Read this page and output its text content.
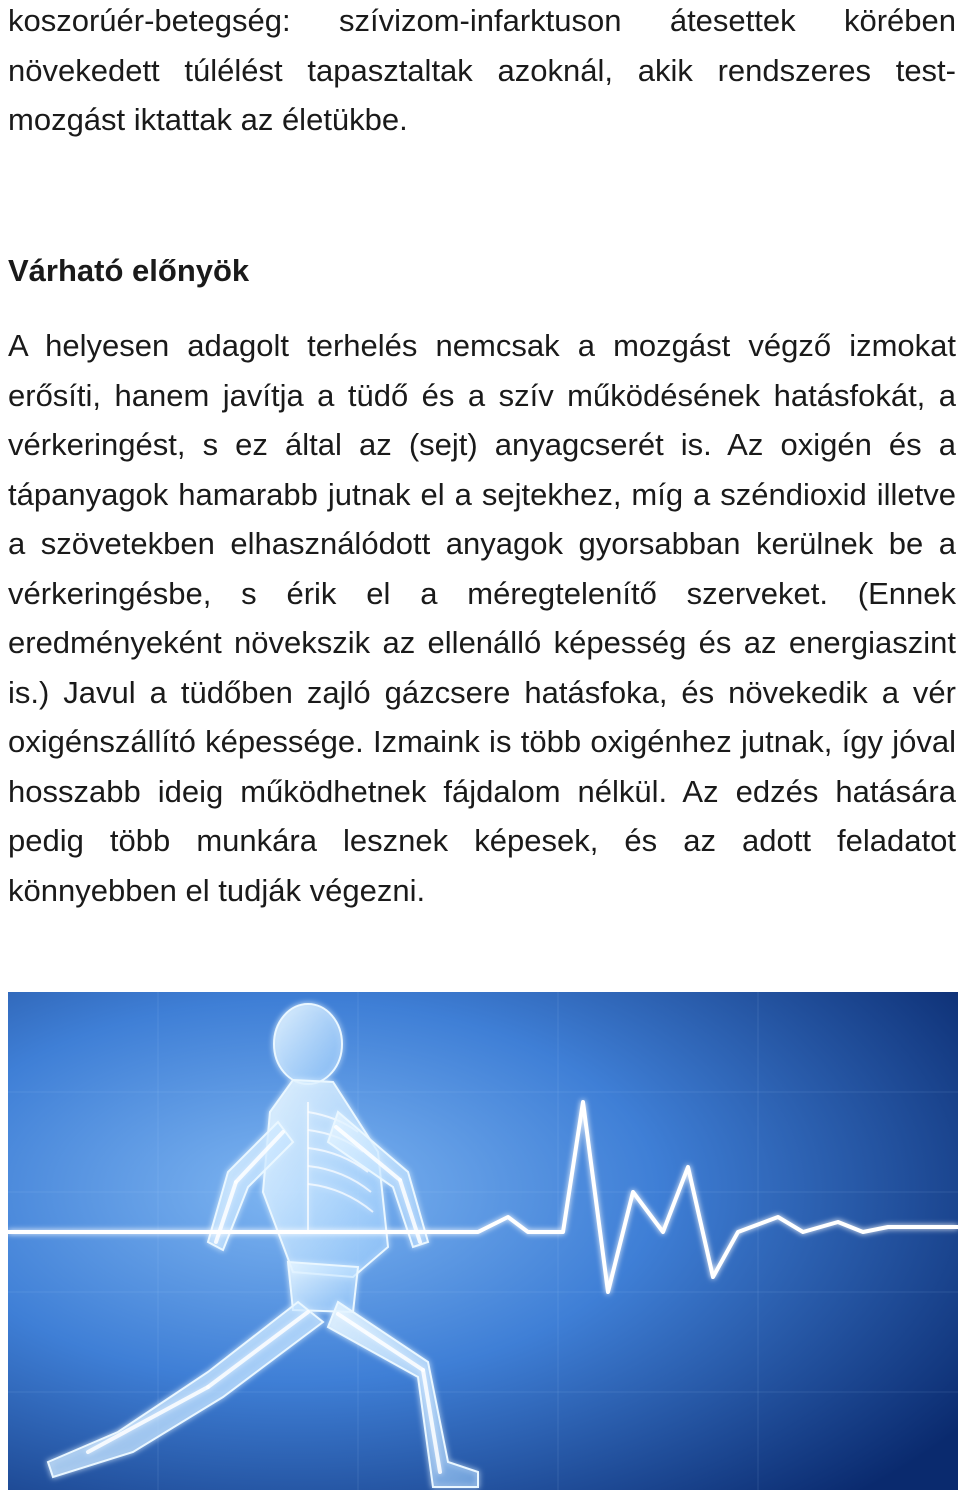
koszorúér-betegség: szívizom-infarktuson átesettek körében növekedett túlélést tapasztaltak azoknál, akik rendszeres test-mozgást iktattak az életükbe.

Várható előnyök

A helyesen adagolt terhelés nemcsak a mozgást végző izmokat erősíti, hanem javítja a tüdő és a szív működésének hatásfokát, a vérkeringést, s ez által az (sejt) anyagcserét is. Az oxigén és a tápanyagok hamarabb jutnak el a sejtekhez, míg a széndioxid illetve a szövetekben elhasználódott anyagok gyorsabban kerülnek be a vérkeringésbe, s érik el a méregtelenítő szerveket. (Ennek eredményeként növekszik az ellenálló képesség és az energiaszint is.) Javul a tüdőben zajló gázcsere hatásfoka, és növekedik a vér oxigénszállító képessége. Izmaink is több oxigénhez jutnak, így jóval hosszabb ideig működhetnek fájdalom nélkül. Az edzés hatására pedig több munkára lesznek képesek, és az adott feladatot könnyebben el tudják végezni.
